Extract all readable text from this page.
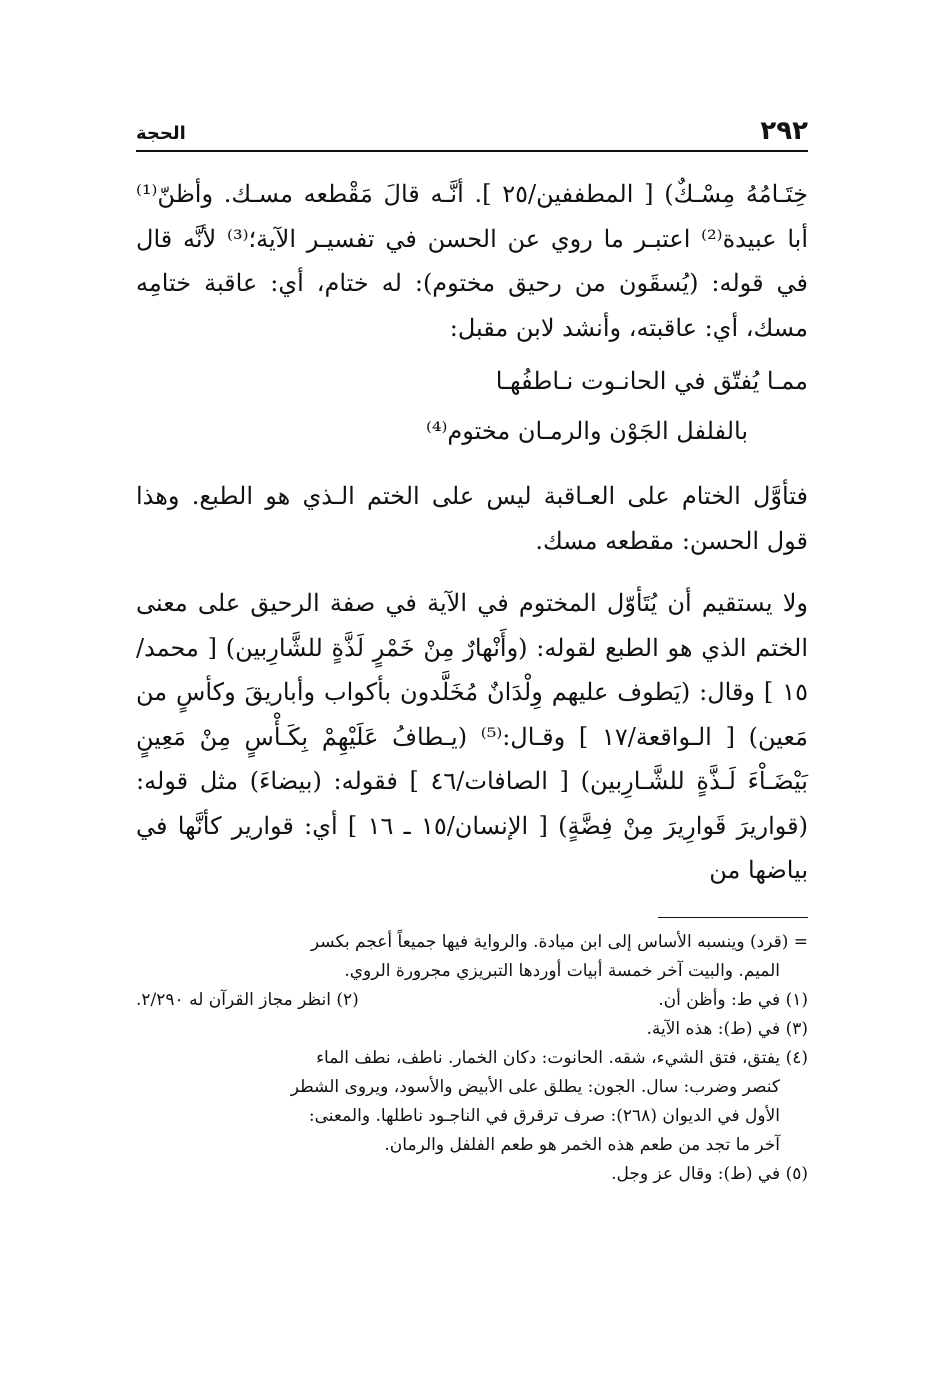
٢٩٢
الحجة

خِتَـامُهُ مِسْـكٌ) [ المطففين/٢٥ ]. أنَّـه قالَ مَقْطعه مسـك. وأظنّ⁽¹⁾ أبا عبيدة⁽²⁾ اعتبـر ما روي عن الحسن في تفسيـر الآية؛⁽³⁾ لأنَّه قال في قوله: (يُسقَون من رحيق مختوم): له ختام، أي: عاقبة ختامِه مسك، أي: عاقبته، وأنشد لابن مقبل:

ممـا يُفتّق في الحانـوت نـاطفُهـا
بالفلفل الجَوْن والرمـان مختوم⁽⁴⁾

فتأوَّل الختام على العـاقبة ليس على الختم الـذي هو الطبع. وهذا قول الحسن: مقطعه مسك.

ولا يستقيم أن يُتَأوّل المختوم في الآية في صفة الرحيق على معنى الختم الذي هو الطبع لقوله: (وأَنْهارٌ مِنْ خَمْرٍ لَذَّةٍ للشَّارِبين) [ محمد/١٥ ] وقال: (يَطوف عليهم وِلْدَانٌ مُخَلَّدون بأكواب وأباريقَ وكأسٍ من مَعين) [ الـواقعة/١٧ ] وقـال:⁽⁵⁾ (يـطافُ عَلَيْهِمْ بِكَـأْسٍ مِنْ مَعِينٍ بَيْضَـاْءَ لَـذَّةٍ للشَّـارِبين) [ الصافات/٤٦ ] فقوله: (بيضاءَ) مثل قوله: (قواريرَ قَوارِيرَ مِنْ فِضَّةٍ) [ الإنسان/١٥ ـ ١٦ ] أي: قوارير كأنَّها في بياضها من

= (قرد) وينسبه الأساس إلى ابن ميادة. والرواية فيها جميعاً أعجم بكسر

الميم. والبيت آخر خمسة أبيات أوردها التبريزي مجرورة الروي.

(١) في ط: وأظن أن.
(٢) انظر مجاز القرآن له ٢/٢٩٠.

(٣) في (ط): هذه الآية.

(٤) يفتق، فتق الشيء، شقه. الحانوت: دكان الخمار. ناطف، نطف الماء

كنصر وضرب: سال. الجون: يطلق على الأبيض والأسود، ويروى الشطر

الأول في الديوان (٢٦٨): صرف ترقرق في الناجـود ناطلها. والمعنى:

آخر ما تجد من طعم هذه الخمر هو طعم الفلفل والرمان.

(٥) في (ط): وقال عز وجل.
